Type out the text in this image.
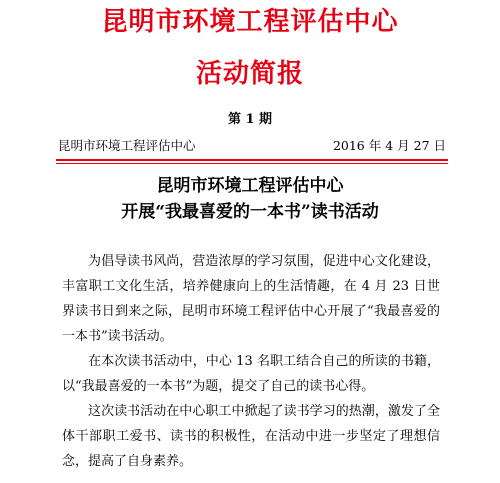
昆明市环境工程评估中心
活动简报
第 1 期
昆明市环境工程评估中心	2016 年 4 月 27 日
昆明市环境工程评估中心
开展“我最喜爱的一本书”读书活动

为倡导读书风尚，营造浓厚的学习氛围，促进中心文化建设，丰富职工文化生活，培养健康向上的生活情趣，在 4 月 23 日世界读书日到来之际，昆明市环境工程评估中心开展了“我最喜爱的一本书”读书活动。

在本次读书活动中，中心 13 名职工结合自己的所读的书籍，以“我最喜爱的一本书”为题，提交了自己的读书心得。

这次读书活动在中心职工中掀起了读书学习的热潮，激发了全体干部职工爱书、读书的积极性，在活动中进一步坚定了理想信念，提高了自身素养。
